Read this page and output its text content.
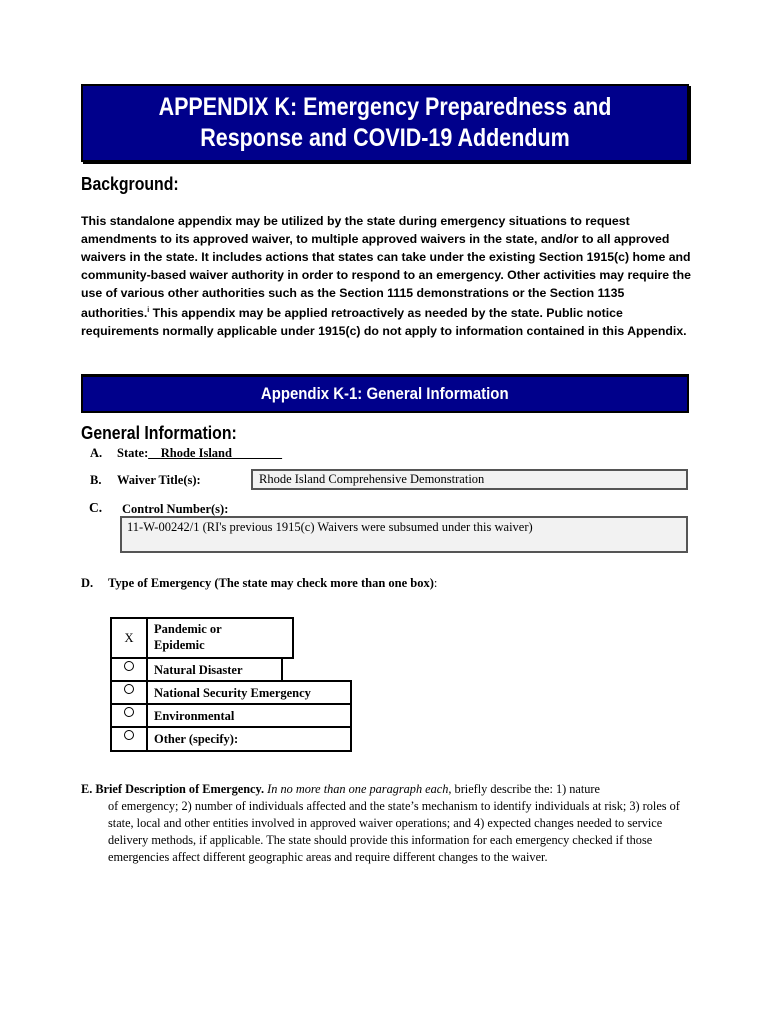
APPENDIX K: Emergency Preparedness and
Response and COVID-19 Addendum
Background:
This standalone appendix may be utilized by the state during emergency situations to request amendments to its approved waiver, to multiple approved waivers in the state, and/or to all approved waivers in the state. It includes actions that states can take under the existing Section 1915(c) home and community-based waiver authority in order to respond to an emergency. Other activities may require the use of various other authorities such as the Section 1115 demonstrations or the Section 1135 authorities.$^i$ This appendix may be applied retroactively as needed by the state. Public notice requirements normally applicable under 1915(c) do not apply to information contained in this Appendix.
Appendix K-1: General Information
General Information:
A. State:__Rhode Island________
B. Waiver Title(s):	Rhode Island Comprehensive Demonstration
C. Control Number(s):
11-W-00242/1 (RI's previous 1915(c) Waivers were subsumed under this waiver)
D. Type of Emergency (The state may check more than one box):
X
Pandemic or
Epidemic
Natural Disaster
National Security Emergency
Environmental
Other (specify):
E. Brief Description of Emergency. In no more than one paragraph each, briefly describe the: 1) nature
of emergency; 2) number of individuals affected and the state’s mechanism to identify individuals at risk; 3) roles of state, local and other entities involved in approved waiver operations; and 4) expected changes needed to service delivery methods, if applicable. The state should provide this information for each emergency checked if those emergencies affect different geographic areas and require different changes to the waiver.
